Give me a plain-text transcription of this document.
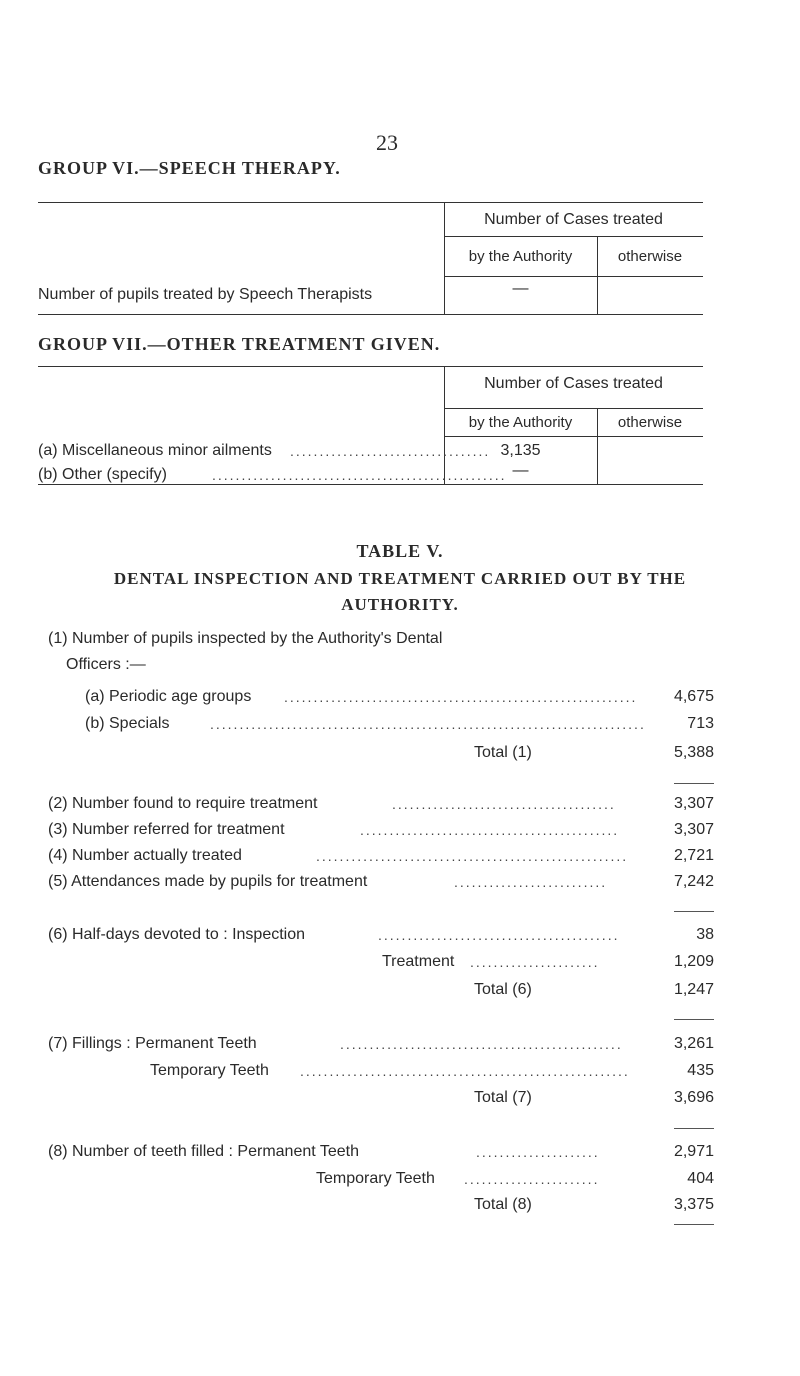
23
GROUP VI.—SPEECH THERAPY.
Number of Cases treated
by the Authority	otherwise
Number of pupils treated by Speech Therapists	—
GROUP VII.—OTHER TREATMENT GIVEN.
Number of Cases treated
by the Authority	otherwise
(a) Miscellaneous minor ailments .................................. 3,135
(b) Other (specify)	.................................................. —
TABLE V.
DENTAL INSPECTION AND TREATMENT CARRIED OUT BY THE
AUTHORITY.
(1) Number of pupils inspected by the Authority's Dental
Officers :—
(a) Periodic age groups ............................................................	4,675
(b) Specials	..........................................................................	713
Total (1)	5,388
(2) Number found to require treatment	......................................	3,307
(3) Number referred for treatment	............................................	3,307
(4) Number actually treated	.....................................................	2,721
(5) Attendances made by pupils for treatment	..........................	7,242
(6) Half-days devoted to : Inspection	.........................................	38
Treatment ......................	1,209
Total (6)	1,247
(7) Fillings : Permanent Teeth	................................................	3,261
Temporary Teeth ........................................................	435
Total (7)	3,696
(8) Number of teeth filled : Permanent Teeth	.....................	2,971
Temporary Teeth .......................	404
Total (8)	3,375
